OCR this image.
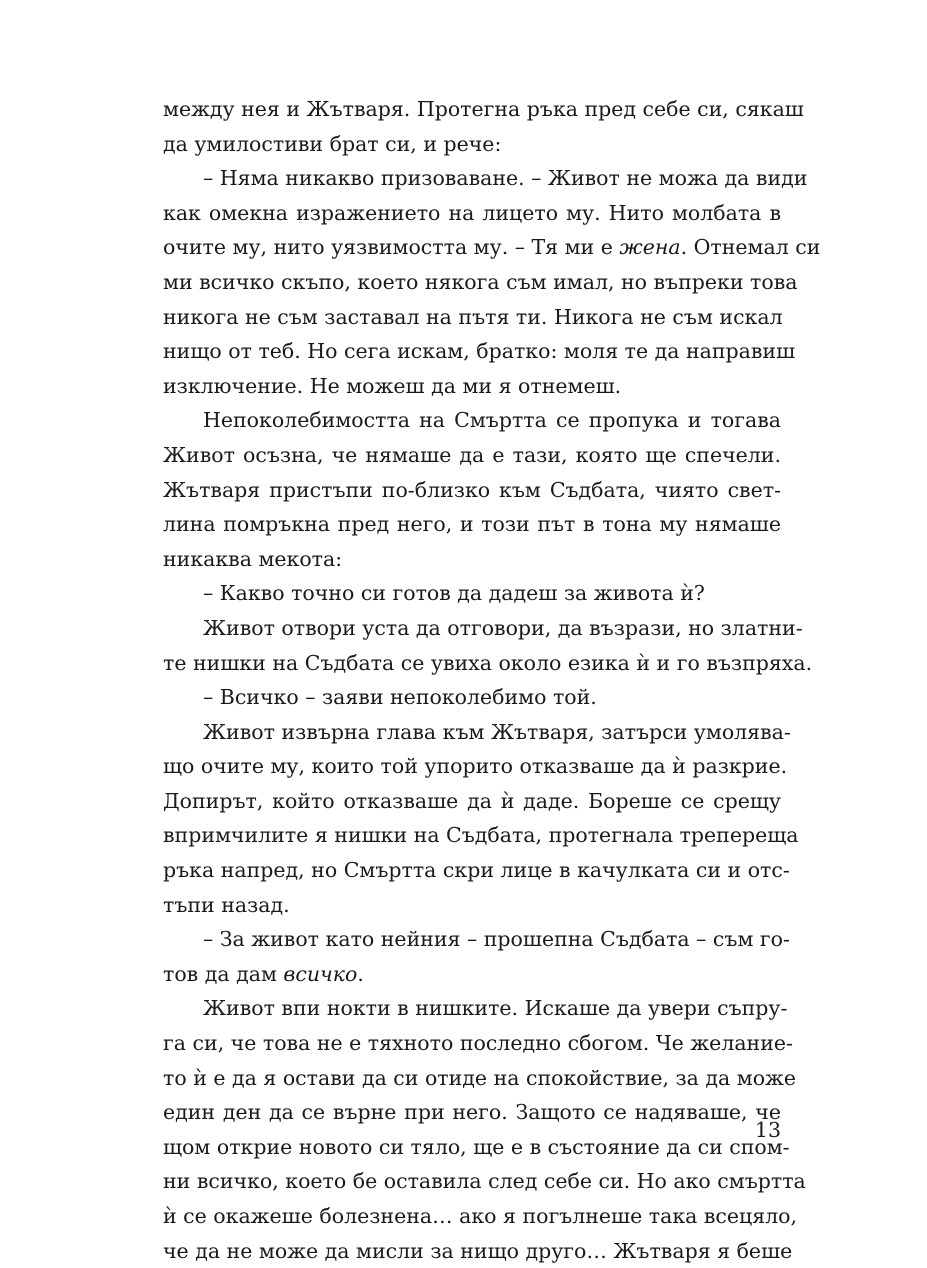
между нея и Жътваря. Протегна ръка пред себе си, сякаш
да умилостиви брат си, и рече:
– Няма никакво призоваване. – Живот не можа да види
как омекна изражението на лицето му. Нито молбата в
очите му, нито уязвимостта му. – Тя ми е жена. Отнемал си
ми всичко скъпо, което някога съм имал, но въпреки това
никога не съм заставал на пътя ти. Никога не съм искал
нищо от теб. Но сега искам, братко: моля те да направиш
изключение. Не можеш да ми я отнемеш.
Непоколебимостта на Смъртта се пропука и тогава
Живот осъзна, че нямаше да е тази, която ще спечели.
Жътваря пристъпи по-близко към Съдбата, чиято свет-
лина помръкна пред него, и този път в тона му нямаше
никаква мекота:
– Какво точно си готов да дадеш за живота ѝ?
Живот отвори уста да отговори, да възрази, но златни-
те нишки на Съдбата се увиха около езика ѝ и го възпряха.
– Всичко – заяви непоколебимо той.
Живот извърна глава към Жътваря, затърси умолява-
що очите му, които той упорито отказваше да ѝ разкрие.
Допирът, който отказваше да ѝ даде. Бореше се срещу
впримчилите я нишки на Съдбата, протегнала трепереща
ръка напред, но Смъртта скри лице в качулката си и отс-
тъпи назад.
– За живот като нейния – прошепна Съдбата – съм го-
тов да дам всичко.
Живот впи нокти в нишките. Искаше да увери съпру-
га си, че това не е тяхното последно сбогом. Че желание-
то ѝ е да я остави да си отиде на спокойствие, за да може
един ден да се върне при него. Защото се надяваше, че
щом открие новото си тяло, ще е в състояние да си спом-
ни всичко, което бе оставила след себе си. Но ако смъртта
ѝ се окажеше болезнена… ако я погълнеше така всецяло,
че да не може да мисли за нищо друго… Жътваря я беше
13
